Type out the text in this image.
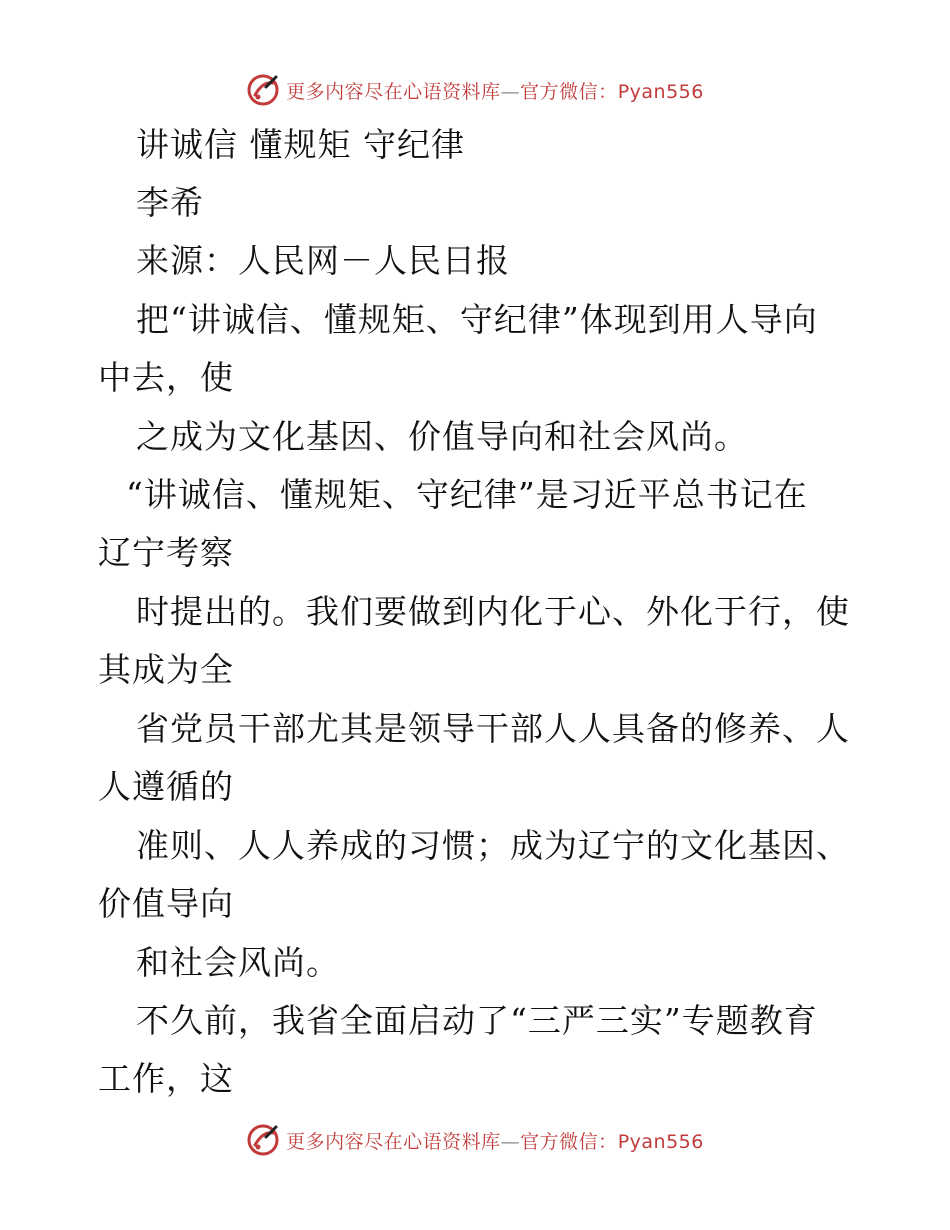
更多内容尽在心语资料库—官方微信：Pyan556
讲诚信 懂规矩 守纪律
李希
来源：人民网－人民日报
把“讲诚信、懂规矩、守纪律”体现到用人导向
中去，使
之成为文化基因、价值导向和社会风尚。
“讲诚信、懂规矩、守纪律”是习近平总书记在
辽宁考察
时提出的。我们要做到内化于心、外化于行，使
其成为全
省党员干部尤其是领导干部人人具备的修养、人
人遵循的
准则、人人养成的习惯；成为辽宁的文化基因、
价值导向
和社会风尚。
不久前，我省全面启动了“三严三实”专题教育
工作，这
更多内容尽在心语资料库—官方微信：Pyan556
